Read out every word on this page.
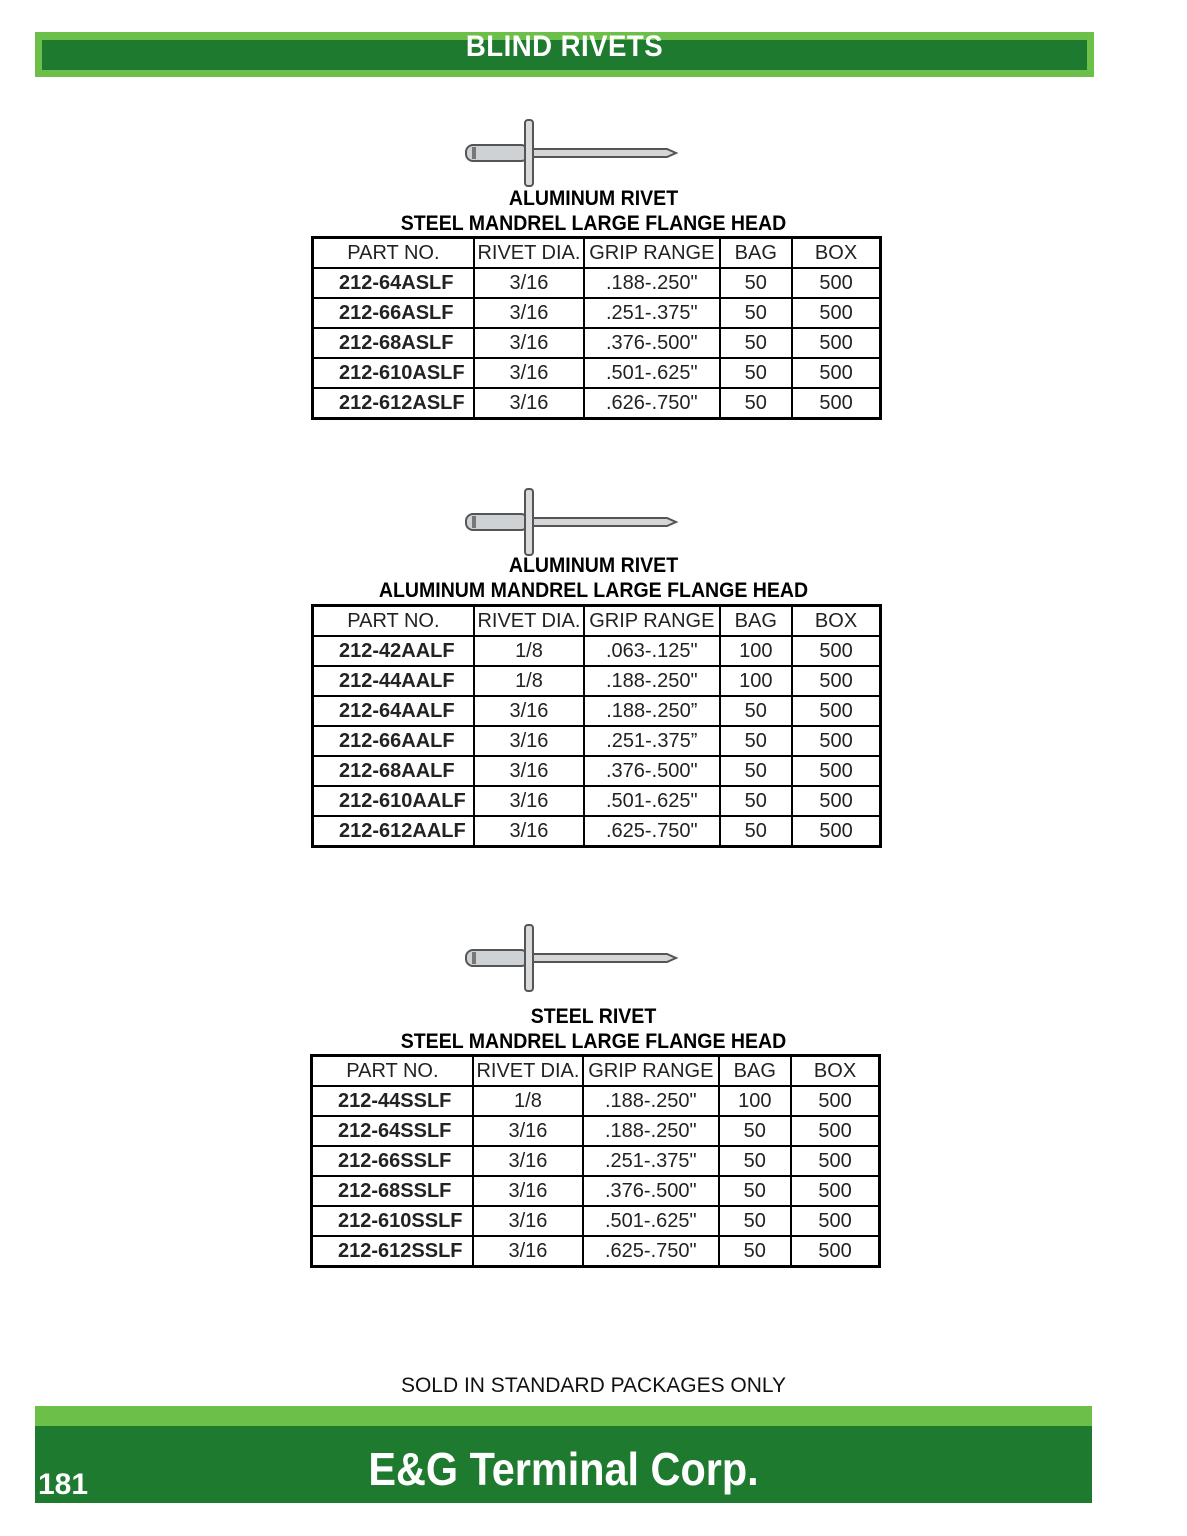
BLIND RIVETS
ALUMINUM RIVET
STEEL MANDREL LARGE FLANGE HEAD
PART NO.	RIVET DIA.	GRIP RANGE	BAG	BOX
212-64ASLF	3/16	.188-.250"	50	500
212-66ASLF	3/16	.251-.375"	50	500
212-68ASLF	3/16	.376-.500"	50	500
212-610ASLF	3/16	.501-.625"	50	500
212-612ASLF	3/16	.626-.750"	50	500
ALUMINUM RIVET
ALUMINUM MANDREL LARGE FLANGE HEAD
PART NO.	RIVET DIA.	GRIP RANGE	BAG	BOX
212-42AALF	1/8	.063-.125"	100	500
212-44AALF	1/8	.188-.250"	100	500
212-64AALF	3/16	.188-.250”	50	500
212-66AALF	3/16	.251-.375”	50	500
212-68AALF	3/16	.376-.500"	50	500
212-610AALF	3/16	.501-.625"	50	500
212-612AALF	3/16	.625-.750"	50	500
STEEL RIVET
STEEL MANDREL LARGE FLANGE HEAD
PART NO.	RIVET DIA.	GRIP RANGE	BAG	BOX
212-44SSLF	1/8	.188-.250"	100	500
212-64SSLF	3/16	.188-.250"	50	500
212-66SSLF	3/16	.251-.375"	50	500
212-68SSLF	3/16	.376-.500"	50	500
212-610SSLF	3/16	.501-.625"	50	500
212-612SSLF	3/16	.625-.750"	50	500
SOLD IN STANDARD PACKAGES ONLY
E&G Terminal Corp.
181
